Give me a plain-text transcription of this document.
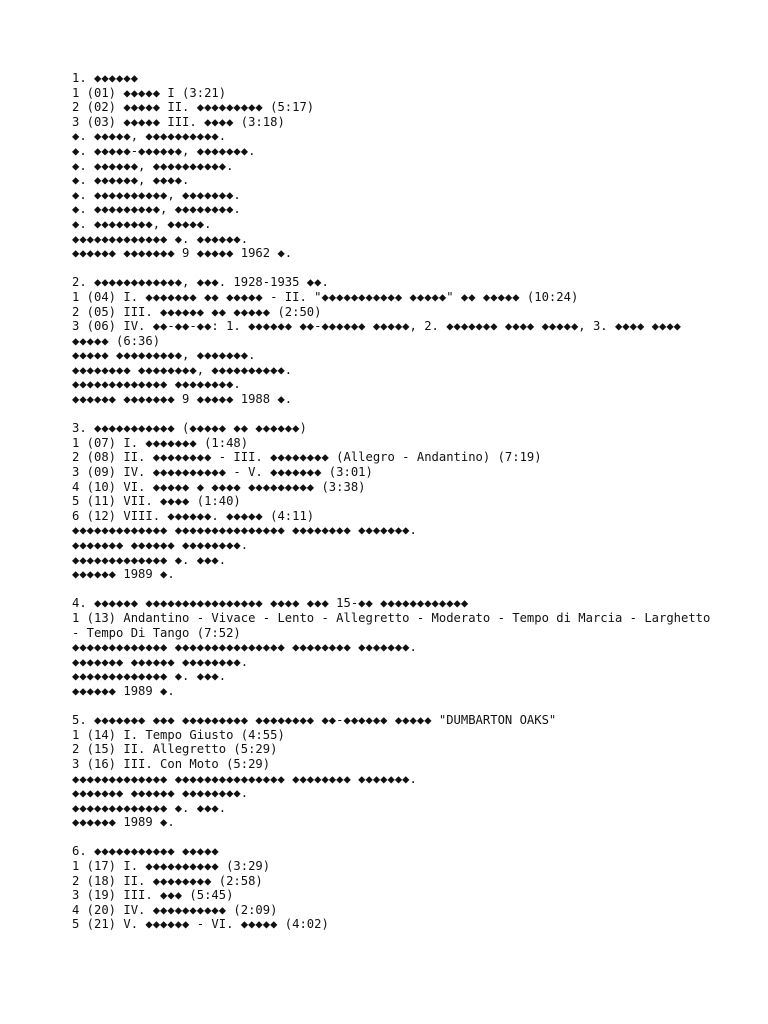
1. ◆◆◆◆◆◆
1 (01) ◆◆◆◆◆ I (3:21)
2 (02) ◆◆◆◆◆ II. ◆◆◆◆◆◆◆◆◆ (5:17)
3 (03) ◆◆◆◆◆ III. ◆◆◆◆ (3:18)
◆. ◆◆◆◆◆, ◆◆◆◆◆◆◆◆◆◆.
◆. ◆◆◆◆◆-◆◆◆◆◆◆, ◆◆◆◆◆◆◆.
◆. ◆◆◆◆◆◆, ◆◆◆◆◆◆◆◆◆◆.
◆. ◆◆◆◆◆◆, ◆◆◆◆.
◆. ◆◆◆◆◆◆◆◆◆◆, ◆◆◆◆◆◆◆.
◆. ◆◆◆◆◆◆◆◆◆, ◆◆◆◆◆◆◆◆.
◆. ◆◆◆◆◆◆◆◆, ◆◆◆◆◆.
◆◆◆◆◆◆◆◆◆◆◆◆◆ ◆. ◆◆◆◆◆◆.
◆◆◆◆◆◆ ◆◆◆◆◆◆◆ 9 ◆◆◆◆◆ 1962 ◆.
2. ◆◆◆◆◆◆◆◆◆◆◆◆, ◆◆◆. 1928-1935 ◆◆.
1 (04) I. ◆◆◆◆◆◆◆ ◆◆ ◆◆◆◆◆ - II. "◆◆◆◆◆◆◆◆◆◆◆ ◆◆◆◆◆" ◆◆ ◆◆◆◆◆ (10:24)
2 (05) III. ◆◆◆◆◆◆ ◆◆ ◆◆◆◆◆ (2:50)
3 (06) IV. ◆◆-◆◆-◆◆: 1. ◆◆◆◆◆◆ ◆◆-◆◆◆◆◆◆ ◆◆◆◆◆, 2. ◆◆◆◆◆◆◆ ◆◆◆◆ ◆◆◆◆◆, 3. ◆◆◆◆ ◆◆◆◆ ◆◆◆◆◆ (6:36)
◆◆◆◆◆ ◆◆◆◆◆◆◆◆◆, ◆◆◆◆◆◆◆.
◆◆◆◆◆◆◆◆ ◆◆◆◆◆◆◆◆, ◆◆◆◆◆◆◆◆◆◆.
◆◆◆◆◆◆◆◆◆◆◆◆◆ ◆◆◆◆◆◆◆◆.
◆◆◆◆◆◆ ◆◆◆◆◆◆◆ 9 ◆◆◆◆◆ 1988 ◆.
3. ◆◆◆◆◆◆◆◆◆◆◆ (◆◆◆◆◆ ◆◆ ◆◆◆◆◆◆)
1 (07) I. ◆◆◆◆◆◆◆ (1:48)
2 (08) II. ◆◆◆◆◆◆◆◆ - III. ◆◆◆◆◆◆◆◆ (Allegro - Andantino) (7:19)
3 (09) IV. ◆◆◆◆◆◆◆◆◆◆ - V. ◆◆◆◆◆◆◆ (3:01)
4 (10) VI. ◆◆◆◆◆ ◆ ◆◆◆◆ ◆◆◆◆◆◆◆◆◆ (3:38)
5 (11) VII. ◆◆◆◆ (1:40)
6 (12) VIII. ◆◆◆◆◆◆. ◆◆◆◆◆ (4:11)
◆◆◆◆◆◆◆◆◆◆◆◆◆ ◆◆◆◆◆◆◆◆◆◆◆◆◆◆◆ ◆◆◆◆◆◆◆◆ ◆◆◆◆◆◆◆.
◆◆◆◆◆◆◆ ◆◆◆◆◆◆ ◆◆◆◆◆◆◆◆.
◆◆◆◆◆◆◆◆◆◆◆◆◆ ◆. ◆◆◆.
◆◆◆◆◆◆ 1989 ◆.
4. ◆◆◆◆◆◆ ◆◆◆◆◆◆◆◆◆◆◆◆◆◆◆◆ ◆◆◆◆ ◆◆◆ 15-◆◆ ◆◆◆◆◆◆◆◆◆◆◆◆
1 (13) Andantino - Vivace - Lento - Allegretto - Moderato - Tempo di Marcia - Larghetto - Tempo Di Tango (7:52)
◆◆◆◆◆◆◆◆◆◆◆◆◆ ◆◆◆◆◆◆◆◆◆◆◆◆◆◆◆ ◆◆◆◆◆◆◆◆ ◆◆◆◆◆◆◆.
◆◆◆◆◆◆◆ ◆◆◆◆◆◆ ◆◆◆◆◆◆◆◆.
◆◆◆◆◆◆◆◆◆◆◆◆◆ ◆. ◆◆◆.
◆◆◆◆◆◆ 1989 ◆.
5. ◆◆◆◆◆◆◆ ◆◆◆ ◆◆◆◆◆◆◆◆◆ ◆◆◆◆◆◆◆◆ ◆◆-◆◆◆◆◆◆ ◆◆◆◆◆ "DUMBARTON OAKS"
1 (14) I. Tempo Giusto (4:55)
2 (15) II. Allegretto (5:29)
3 (16) III. Con Moto (5:29)
◆◆◆◆◆◆◆◆◆◆◆◆◆ ◆◆◆◆◆◆◆◆◆◆◆◆◆◆◆ ◆◆◆◆◆◆◆◆ ◆◆◆◆◆◆◆.
◆◆◆◆◆◆◆ ◆◆◆◆◆◆ ◆◆◆◆◆◆◆◆.
◆◆◆◆◆◆◆◆◆◆◆◆◆ ◆. ◆◆◆.
◆◆◆◆◆◆ 1989 ◆.
6. ◆◆◆◆◆◆◆◆◆◆◆ ◆◆◆◆◆
1 (17) I. ◆◆◆◆◆◆◆◆◆◆ (3:29)
2 (18) II. ◆◆◆◆◆◆◆◆ (2:58)
3 (19) III. ◆◆◆ (5:45)
4 (20) IV. ◆◆◆◆◆◆◆◆◆◆ (2:09)
5 (21) V. ◆◆◆◆◆◆ - VI. ◆◆◆◆◆ (4:02)
